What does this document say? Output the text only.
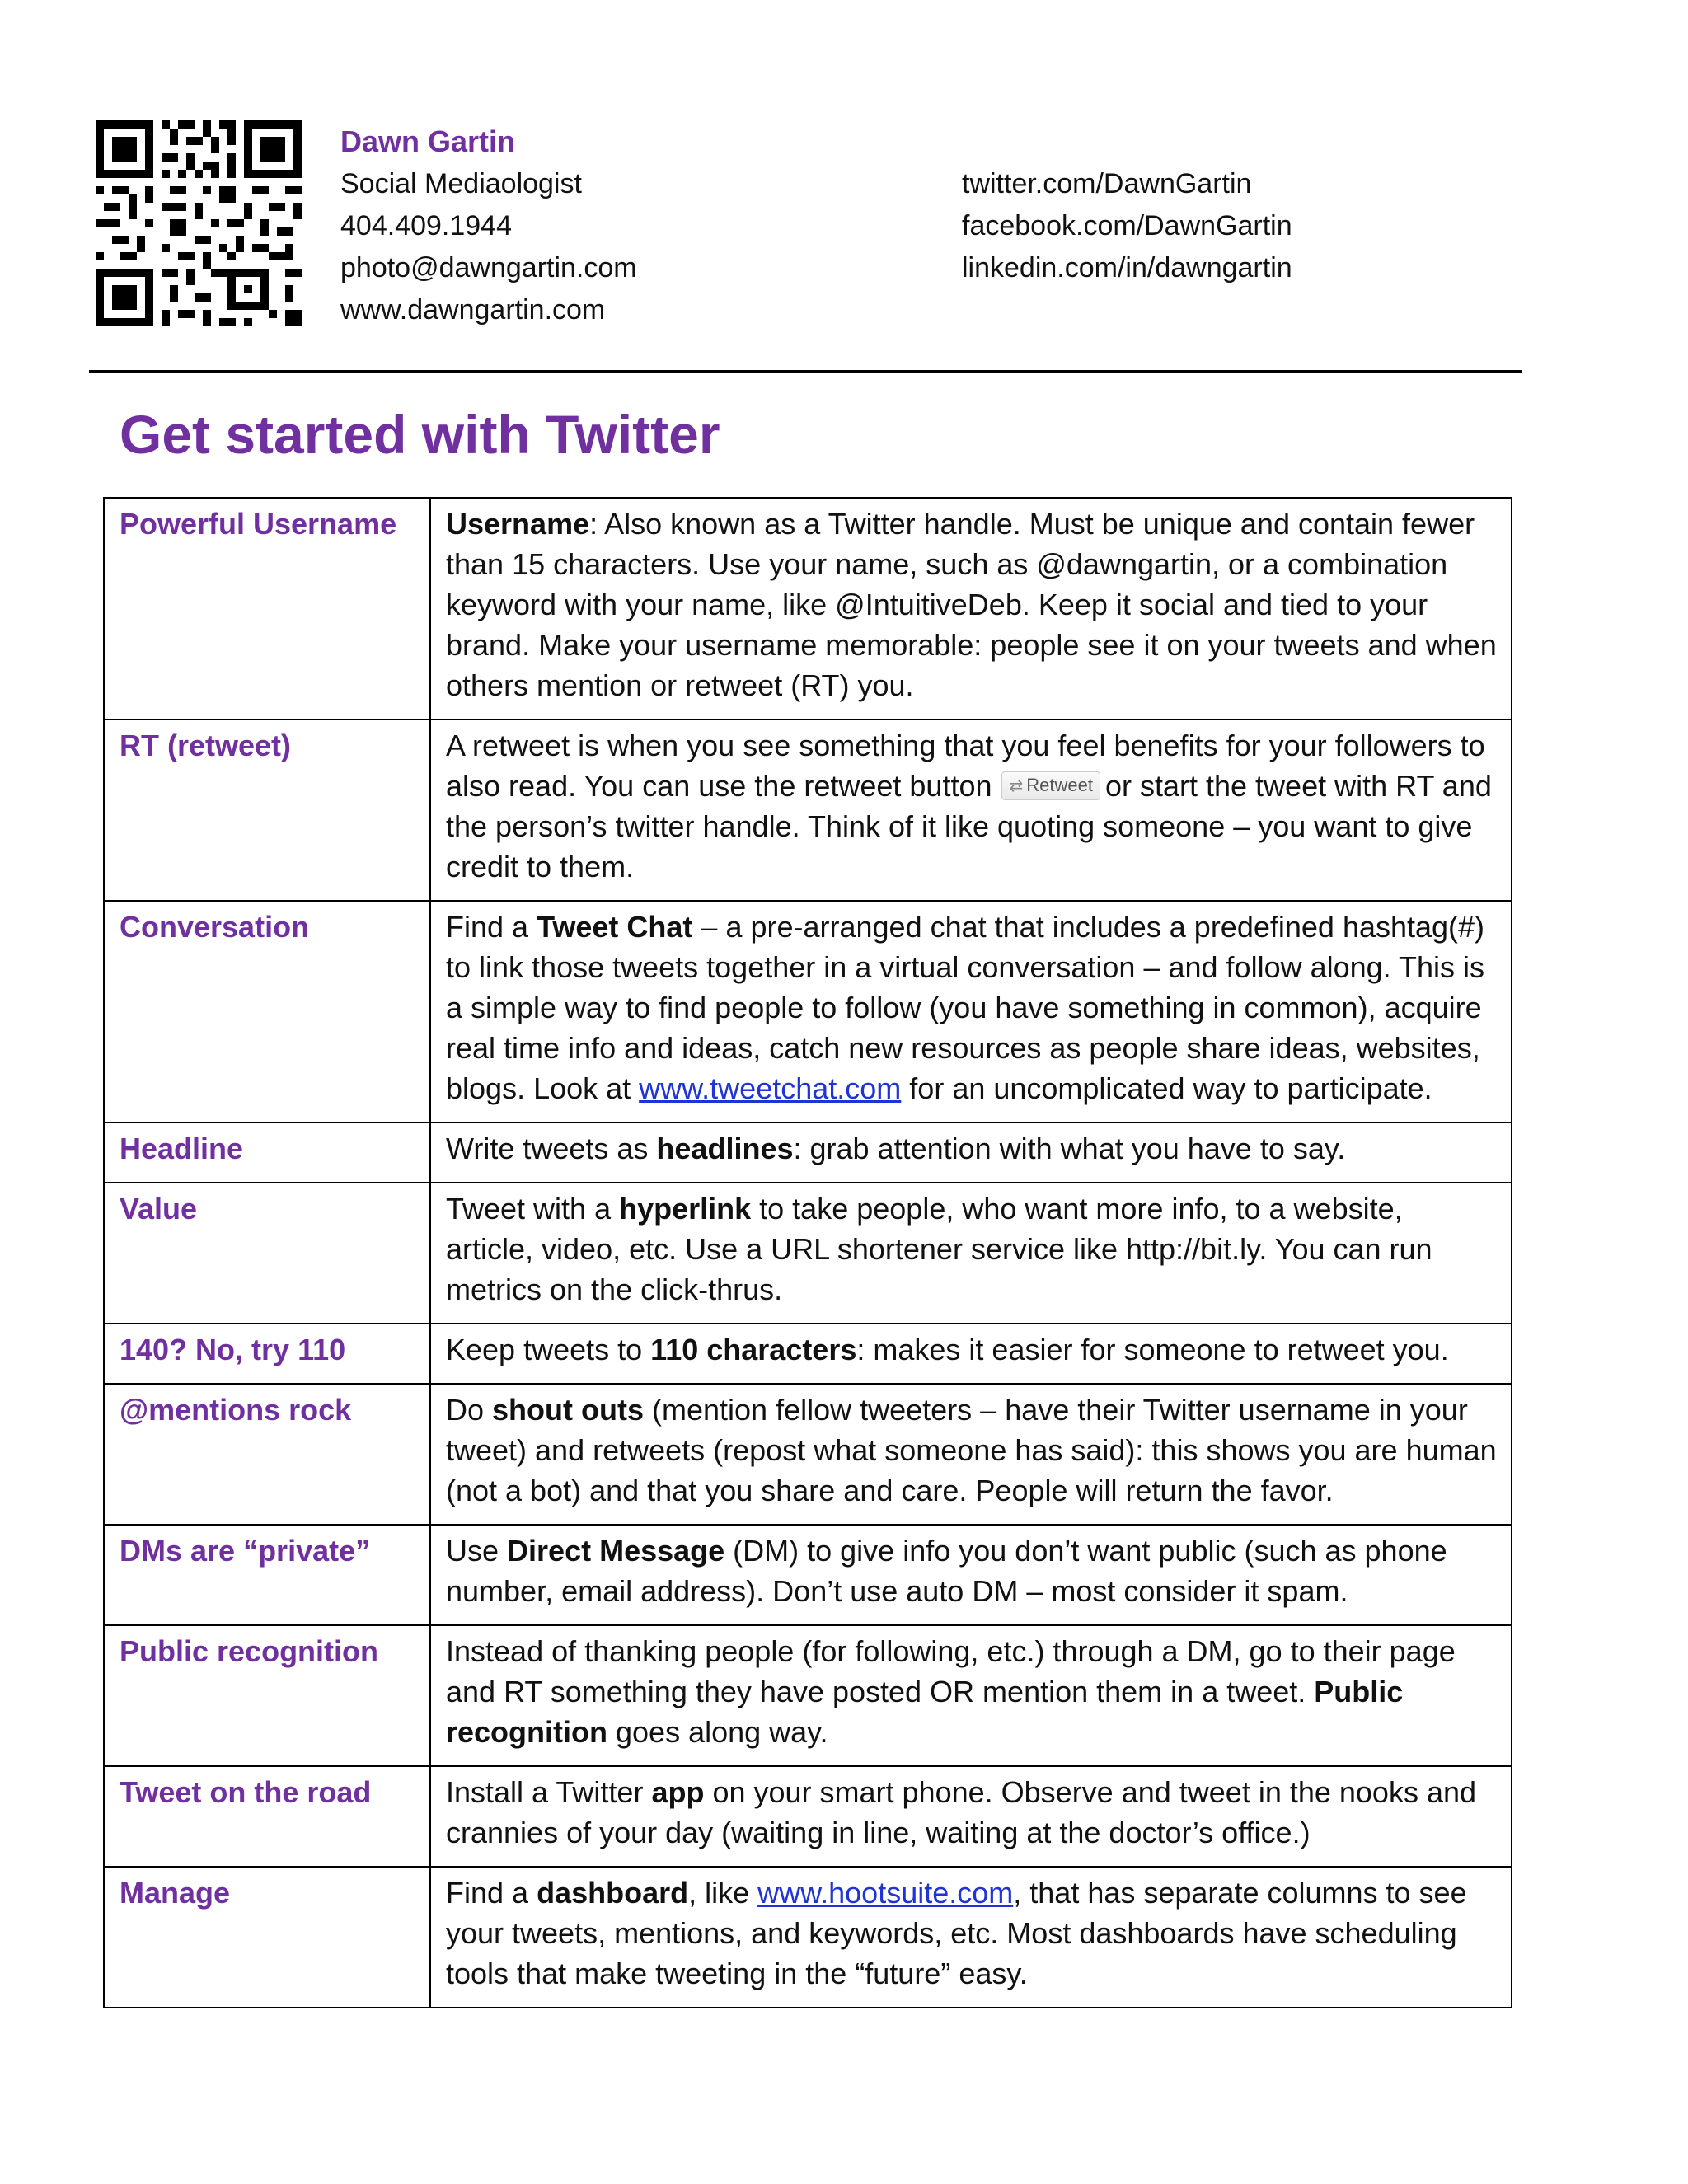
Dawn Gartin
Social Mediaologist
404.409.1944
photo@dawngartin.com
www.dawngartin.com
twitter.com/DawnGartin
facebook.com/DawnGartin
linkedin.com/in/dawngartin
Get started with Twitter
Powerful Username	Username: Also known as a Twitter handle. Must be unique and contain fewer than 15 characters. Use your name, such as @dawngartin, or a combination keyword with your name, like @IntuitiveDeb. Keep it social and tied to your brand. Make your username memorable: people see it on your tweets and when others mention or retweet (RT) you.
RT (retweet)	A retweet is when you see something that you feel benefits for your followers to also read. You can use the retweet button ⇄ Retweet or start the tweet with RT and the person’s twitter handle. Think of it like quoting someone – you want to give credit to them.
Conversation	Find a Tweet Chat – a pre-arranged chat that includes a predefined hashtag(#) to link those tweets together in a virtual conversation – and follow along. This is a simple way to find people to follow (you have something in common), acquire real time info and ideas, catch new resources as people share ideas, websites, blogs. Look at www.tweetchat.com for an uncomplicated way to participate.
Headline	Write tweets as headlines: grab attention with what you have to say.
Value	Tweet with a hyperlink to take people, who want more info, to a website, article, video, etc. Use a URL shortener service like http://bit.ly. You can run metrics on the click-thrus.
140? No, try 110	Keep tweets to 110 characters: makes it easier for someone to retweet you.
@mentions rock	Do shout outs (mention fellow tweeters – have their Twitter username in your tweet) and retweets (repost what someone has said): this shows you are human (not a bot) and that you share and care. People will return the favor.
DMs are “private”	Use Direct Message (DM) to give info you don’t want public (such as phone number, email address). Don’t use auto DM – most consider it spam.
Public recognition	Instead of thanking people (for following, etc.) through a DM, go to their page and RT something they have posted OR mention them in a tweet. Public recognition goes along way.
Tweet on the road	Install a Twitter app on your smart phone. Observe and tweet in the nooks and crannies of your day (waiting in line, waiting at the doctor’s office.)
Manage	Find a dashboard, like www.hootsuite.com, that has separate columns to see your tweets, mentions, and keywords, etc. Most dashboards have scheduling tools that make tweeting in the “future” easy.
